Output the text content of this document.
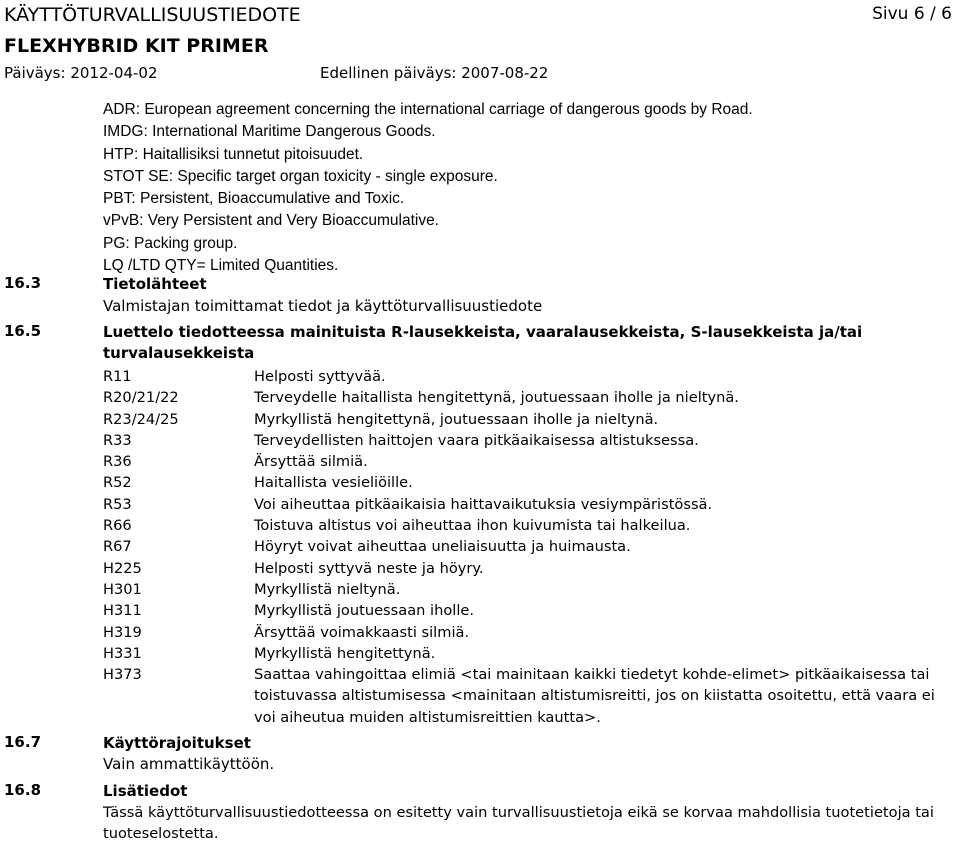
KÄYTTÖTURVALLISUUSTIEDOTE	Sivu 6 / 6
FLEXHYBRID KIT PRIMER
Päiväys: 2012-04-02	Edellinen päiväys: 2007-08-22
ADR: European agreement concerning the international carriage of dangerous goods by Road.
IMDG: International Maritime Dangerous Goods.
HTP: Haitallisiksi tunnetut pitoisuudet.
STOT SE: Specific target organ toxicity - single exposure.
PBT: Persistent, Bioaccumulative and Toxic.
vPvB: Very Persistent and Very Bioaccumulative.
PG: Packing group.
LQ /LTD QTY= Limited Quantities.
16.3	Tietolähteet
Valmistajan toimittamat tiedot ja käyttöturvallisuustiedote
16.5	Luettelo tiedotteessa mainituista R-lausekkeista, vaaralausekkeista, S-lausekkeista ja/tai turvalausekkeista
R11	Helposti syttyvää.
R20/21/22	Terveydelle haitallista hengitettynä, joutuessaan iholle ja nieltynä.
R23/24/25	Myrkyllistä hengitettynä, joutuessaan iholle ja nieltynä.
R33	Terveydellisten haittojen vaara pitkäaikaisessa altistuksessa.
R36	Ärsyttää silmiä.
R52	Haitallista vesieliöille.
R53	Voi aiheuttaa pitkäaikaisia haittavaikutuksia vesiympäristössä.
R66	Toistuva altistus voi aiheuttaa ihon kuivumista tai halkeilua.
R67	Höyryt voivat aiheuttaa uneliaisuutta ja huimausta.
H225	Helposti syttyvä neste ja höyry.
H301	Myrkyllistä nieltynä.
H311	Myrkyllistä joutuessaan iholle.
H319	Ärsyttää voimakkaasti silmiä.
H331	Myrkyllistä hengitettynä.
H373	Saattaa vahingoittaa elimiä <tai mainitaan kaikki tiedetyt kohde-elimet> pitkäaikaisessa tai toistuvassa altistumisessa <mainitaan altistumisreitti, jos on kiistatta osoitettu, että vaara ei voi aiheutua muiden altistumisreittien kautta>.
16.7	Käyttörajoitukset
Vain ammattikäyttöön.
16.8	Lisätiedot
Tässä käyttöturvallisuustiedotteessa on esitetty vain turvallisuustietoja eikä se korvaa mahdollisia tuotetietoja tai tuoteselostetta.
